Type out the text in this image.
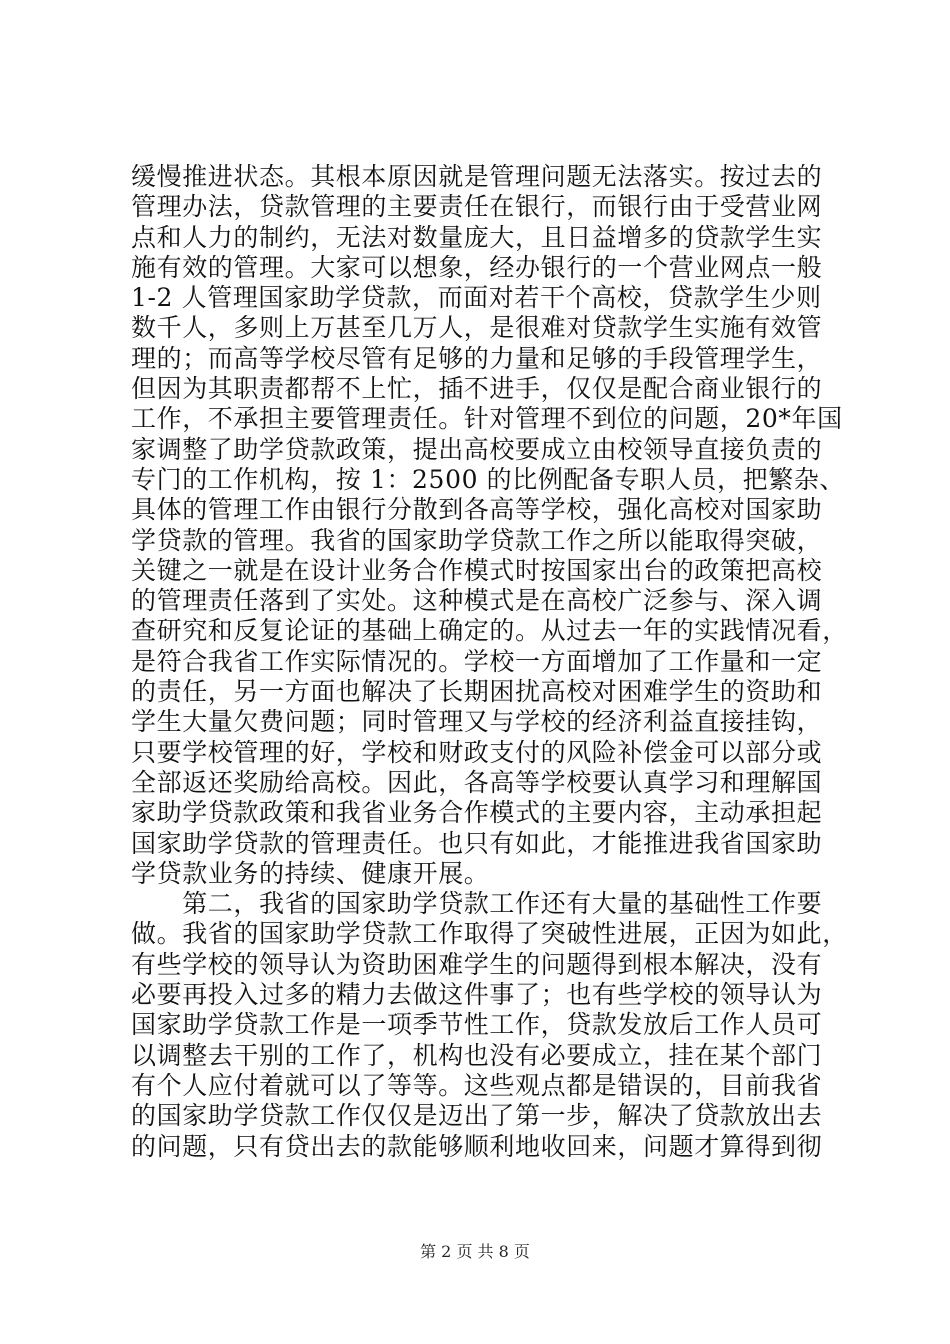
缓慢推进状态。其根本原因就是管理问题无法落实。按过去的
管理办法，贷款管理的主要责任在银行，而银行由于受营业网
点和人力的制约，无法对数量庞大，且日益增多的贷款学生实
施有效的管理。大家可以想象，经办银行的一个营业网点一般
1-2 人管理国家助学贷款，而面对若干个高校，贷款学生少则
数千人，多则上万甚至几万人，是很难对贷款学生实施有效管
理的；而高等学校尽管有足够的力量和足够的手段管理学生，
但因为其职责都帮不上忙，插不进手，仅仅是配合商业银行的
工作，不承担主要管理责任。针对管理不到位的问题，20*年国
家调整了助学贷款政策，提出高校要成立由校领导直接负责的
专门的工作机构，按 1：2500 的比例配备专职人员，把繁杂、
具体的管理工作由银行分散到各高等学校，强化高校对国家助
学贷款的管理。我省的国家助学贷款工作之所以能取得突破，
关键之一就是在设计业务合作模式时按国家出台的政策把高校
的管理责任落到了实处。这种模式是在高校广泛参与、深入调
查研究和反复论证的基础上确定的。从过去一年的实践情况看，
是符合我省工作实际情况的。学校一方面增加了工作量和一定
的责任，另一方面也解决了长期困扰高校对困难学生的资助和
学生大量欠费问题；同时管理又与学校的经济利益直接挂钩，
只要学校管理的好，学校和财政支付的风险补偿金可以部分或
全部返还奖励给高校。因此，各高等学校要认真学习和理解国
家助学贷款政策和我省业务合作模式的主要内容，主动承担起
国家助学贷款的管理责任。也只有如此，才能推进我省国家助
学贷款业务的持续、健康开展。
　　第二，我省的国家助学贷款工作还有大量的基础性工作要
做。我省的国家助学贷款工作取得了突破性进展，正因为如此，
有些学校的领导认为资助困难学生的问题得到根本解决，没有
必要再投入过多的精力去做这件事了；也有些学校的领导认为
国家助学贷款工作是一项季节性工作，贷款发放后工作人员可
以调整去干别的工作了，机构也没有必要成立，挂在某个部门
有个人应付着就可以了等等。这些观点都是错误的，目前我省
的国家助学贷款工作仅仅是迈出了第一步，解决了贷款放出去
的问题，只有贷出去的款能够顺利地收回来，问题才算得到彻
第 2 页 共 8 页
